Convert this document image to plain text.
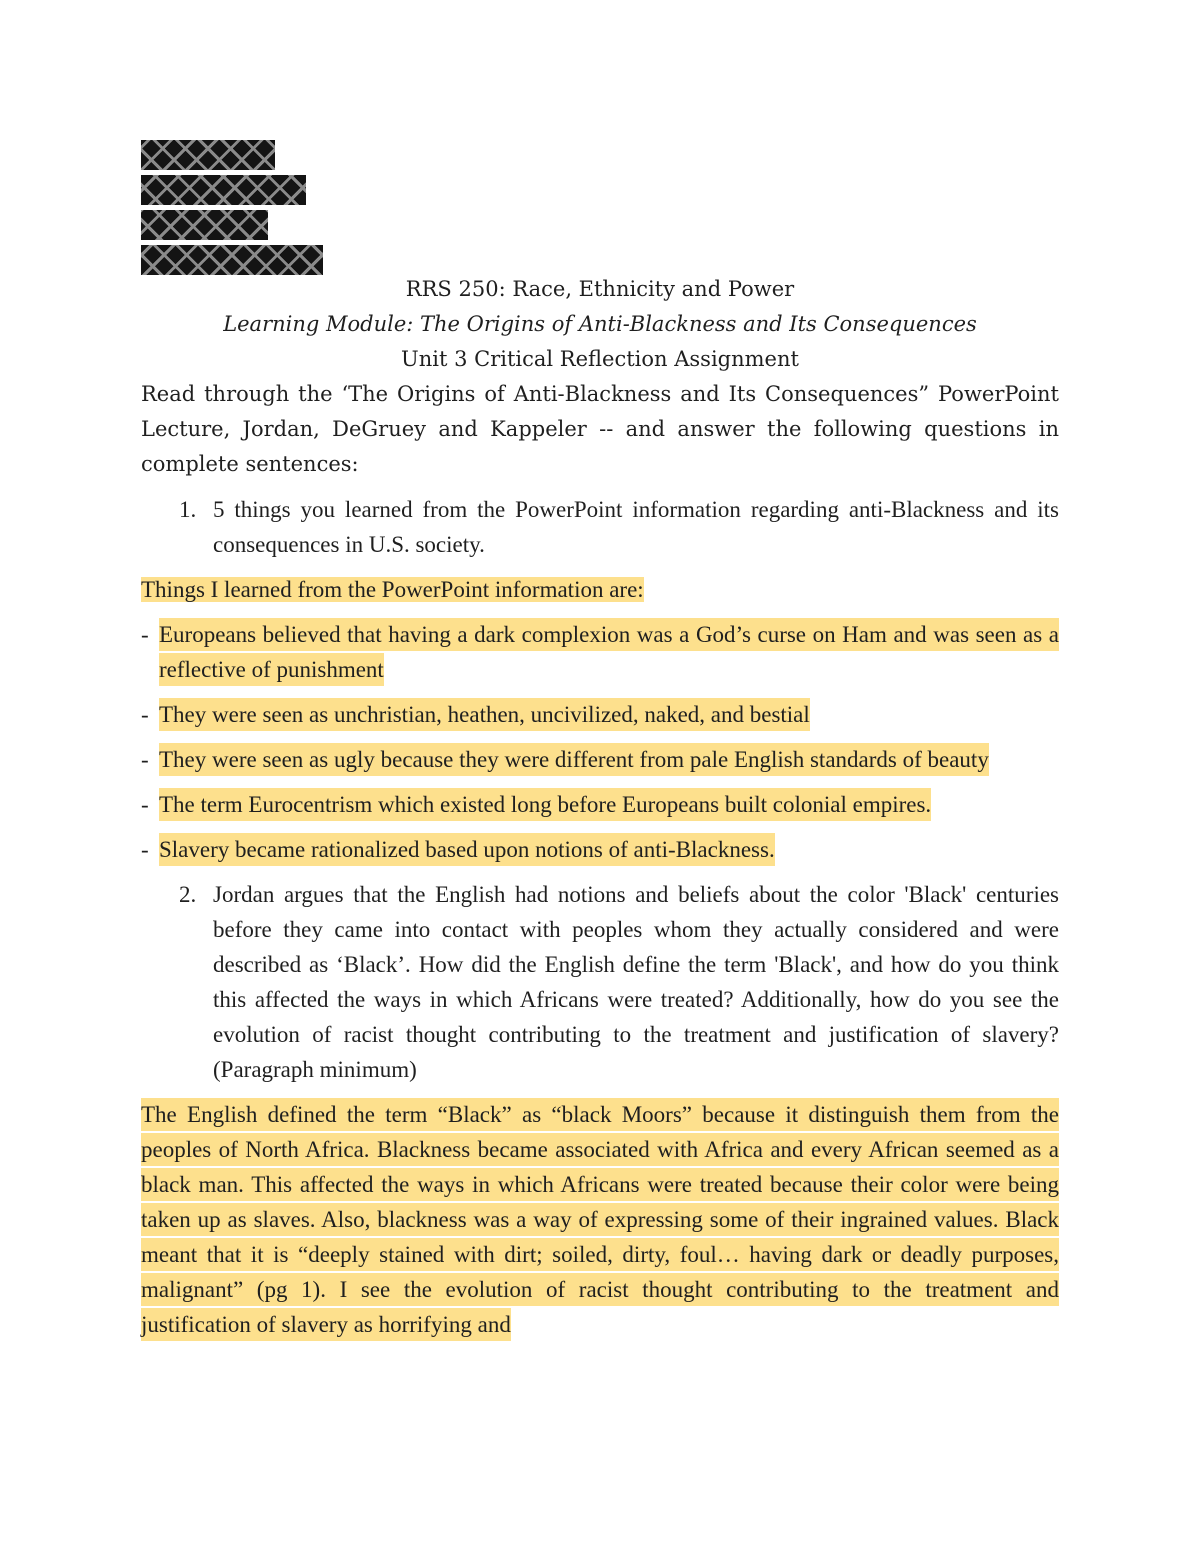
RRS 250: Race, Ethnicity and Power
Learning Module: The Origins of Anti-Blackness and Its Consequences
Unit 3 Critical Reflection Assignment
Read through the ‘The Origins of Anti-Blackness and Its Consequences” PowerPoint Lecture, Jordan, DeGruey and Kappeler -- and answer the following questions in complete sentences:
1. 5 things you learned from the PowerPoint information regarding anti-Blackness and its consequences in U.S. society.
Things I learned from the PowerPoint information are:
- Europeans believed that having a dark complexion was a God’s curse on Ham and was seen as a reflective of punishment
- They were seen as unchristian, heathen, uncivilized, naked, and bestial
- They were seen as ugly because they were different from pale English standards of beauty
- The term Eurocentrism which existed long before Europeans built colonial empires.
- Slavery became rationalized based upon notions of anti-Blackness.
2. Jordan argues that the English had notions and beliefs about the color 'Black' centuries before they came into contact with peoples whom they actually considered and were described as ‘Black’. How did the English define the term 'Black', and how do you think this affected the ways in which Africans were treated? Additionally, how do you see the evolution of racist thought contributing to the treatment and justification of slavery? (Paragraph minimum)
The English defined the term “Black” as “black Moors” because it distinguish them from the peoples of North Africa. Blackness became associated with Africa and every African seemed as a black man. This affected the ways in which Africans were treated because their color were being taken up as slaves. Also, blackness was a way of expressing some of their ingrained values. Black meant that it is “deeply stained with dirt; soiled, dirty, foul… having dark or deadly purposes, malignant” (pg 1). I see the evolution of racist thought contributing to the treatment and justification of slavery as horrifying and
